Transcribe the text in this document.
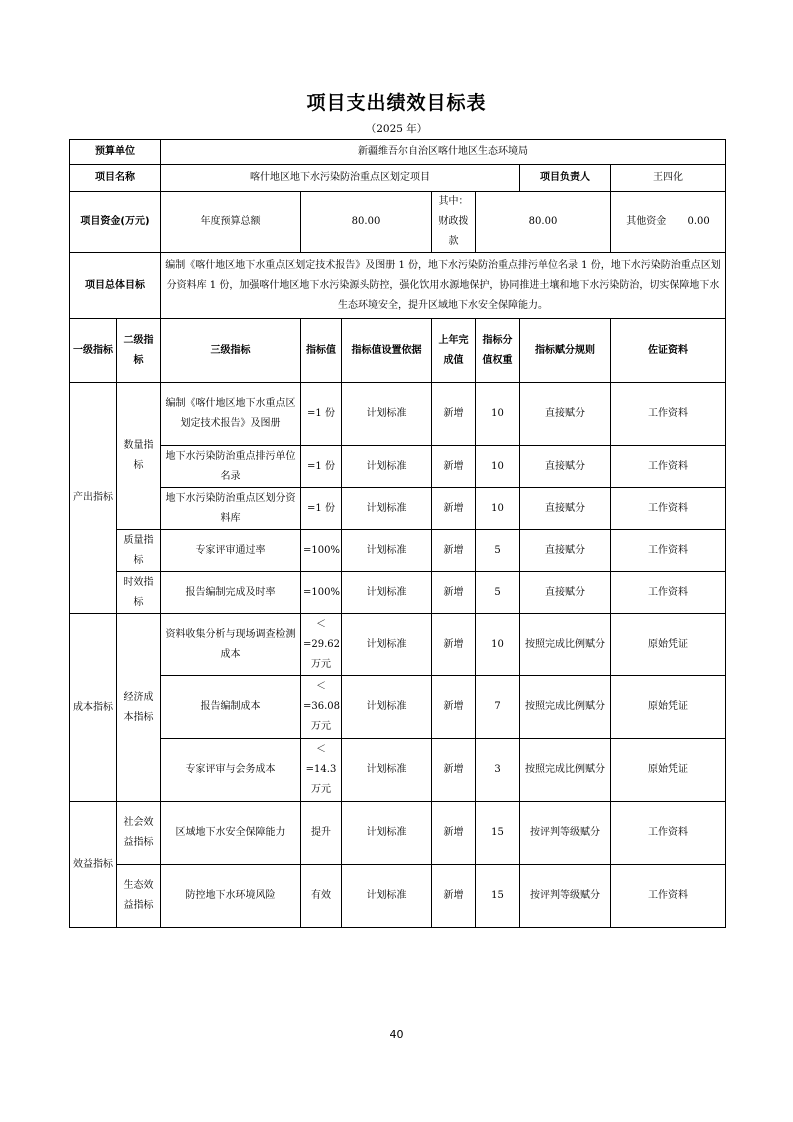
项目支出绩效目标表
（2025 年）
预算单位		新疆维吾尔自治区喀什地区生态环境局						
项目名称		喀什地区地下水污染防治重点区划定项目					项目负责人	王四化
项目资金(万元)		年度预算总额	80.00		其中：财政拨款	80.00		其他资金 0.00
项目总体目标		编制《喀什地区地下水重点区划定技术报告》及图册 1 份，地下水污染防治重点排污单位名录 1 份，地下水污染防治重点区划分资料库 1 份，加强喀什地区地下水污染源头防控，强化饮用水源地保护，协同推进土壤和地下水污染防治，切实保障地下水生态环境安全，提升区域地下水安全保障能力。						
一级指标	二级指标	三级指标	指标值	指标值设置依据	上年完成值	指标分值权重	指标赋分规则	佐证资料
产出指标	数量指标	编制《喀什地区地下水重点区划定技术报告》及图册	=1 份	计划标准	新增	10	直接赋分	工作资料
		地下水污染防治重点排污单位名录	=1 份	计划标准	新增	10	直接赋分	工作资料
		地下水污染防治重点区划分资料库	=1 份	计划标准	新增	10	直接赋分	工作资料
	质量指标	专家评审通过率	=100%	计划标准	新增	5	直接赋分	工作资料
	时效指标	报告编制完成及时率	=100%	计划标准	新增	5	直接赋分	工作资料
成本指标	经济成本指标	资料收集分析与现场调查检测成本	＜=29.62 万元	计划标准	新增	10	按照完成比例赋分	原始凭证
		报告编制成本	＜=36.08 万元	计划标准	新增	7	按照完成比例赋分	原始凭证
		专家评审与会务成本	＜=14.3 万元	计划标准	新增	3	按照完成比例赋分	原始凭证
效益指标	社会效益指标	区域地下水安全保障能力	提升	计划标准	新增	15	按评判等级赋分	工作资料
	生态效益指标	防控地下水环境风险	有效	计划标准	新增	15	按评判等级赋分	工作资料
40
